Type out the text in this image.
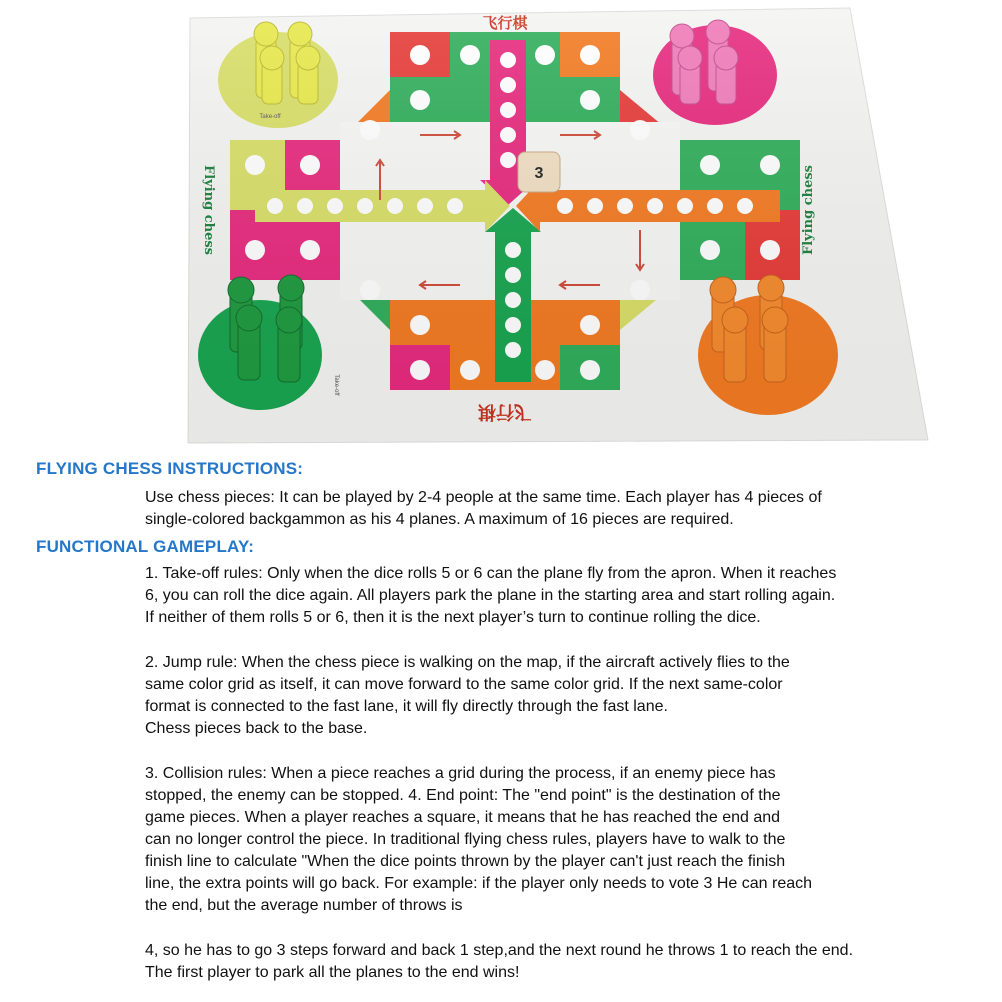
3
飞行棋
飞行棋
Flying chess	Flying chess
Take-off
Take-off
FLYING CHESS INSTRUCTIONS:
Use chess pieces: It can be played by 2-4 people at the same time. Each player has 4 pieces of
single-colored backgammon as his 4 planes. A maximum of 16 pieces are required.
FUNCTIONAL GAMEPLAY:
1. Take-off rules: Only when the dice rolls 5 or 6 can the plane fly from the apron. When it reaches
6, you can roll the dice again. All players park the plane in the starting area and start rolling again.
If neither of them rolls 5 or 6, then it is the next player’s turn to continue rolling the dice.
2. Jump rule: When the chess piece is walking on the map, if the aircraft actively flies to the
same color grid as itself, it can move forward to the same color grid. If the next same-color
format is connected to the fast lane, it will fly directly through the fast lane.
Chess pieces back to the base.
3. Collision rules: When a piece reaches a grid during the process, if an enemy piece has
stopped, the enemy can be stopped. 4. End point: The "end point" is the destination of the
game pieces. When a player reaches a square, it means that he has reached the end and
can no longer control the piece. In traditional flying chess rules, players have to walk to the
finish line to calculate "When the dice points thrown by the player can't just reach the finish
line, the extra points will go back. For example: if the player only needs to vote 3 He can reach
the end, but the average number of throws is
4, so he has to go 3 steps forward and back 1 step,and the next round he throws 1 to reach the end.
The first player to park all the planes to the end wins!
